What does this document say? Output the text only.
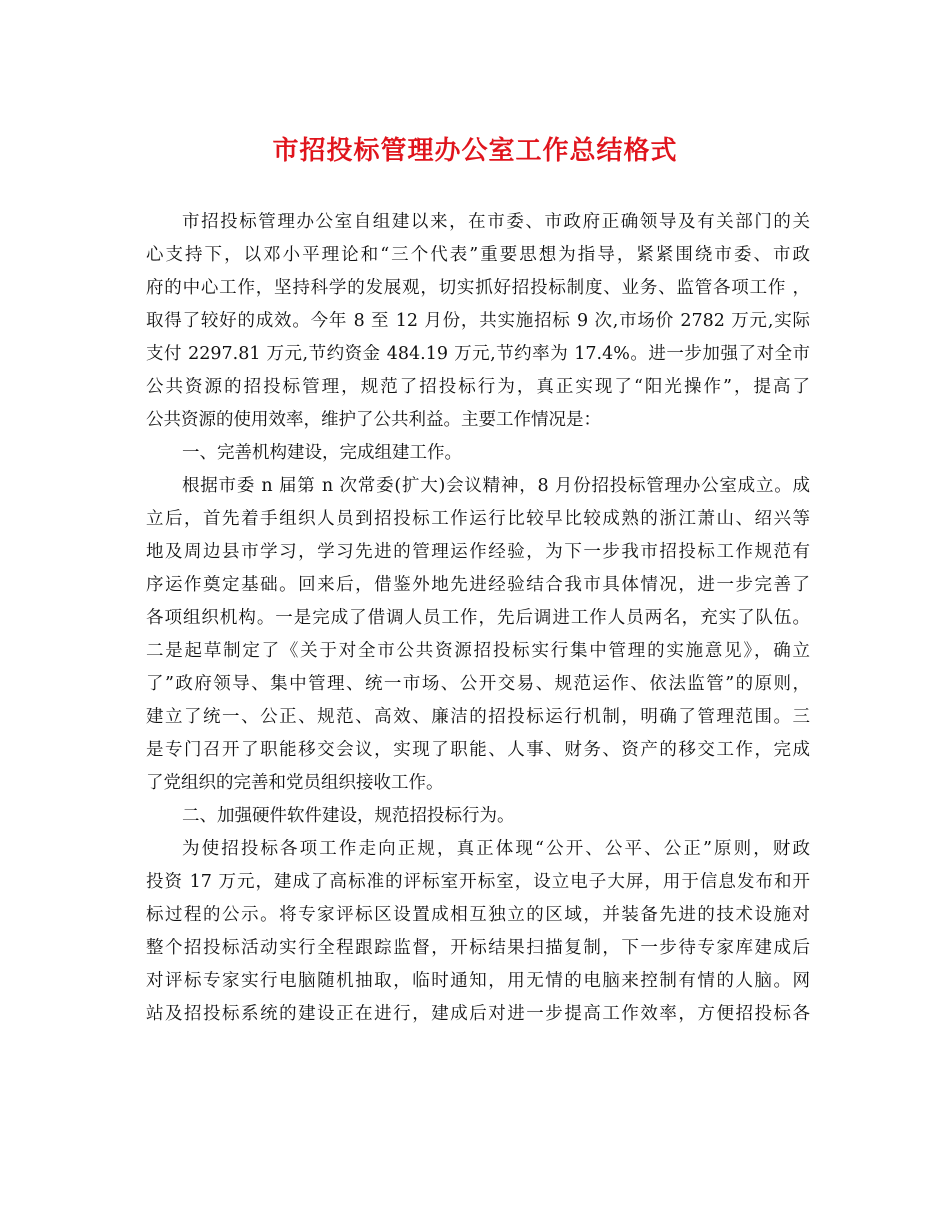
市招投标管理办公室工作总结格式
市招投标管理办公室自组建以来，在市委、市政府正确领导及有关部门的关
心支持下，以邓小平理论和“三个代表”重要思想为指导，紧紧围绕市委、市政
府的中心工作，坚持科学的发展观，切实抓好招投标制度、业务、监管各项工作 ，
取得了较好的成效。今年 8 至 12 月份，共实施招标 9 次,市场价 2782 万元,实际
支付 2297.81 万元,节约资金 484.19 万元,节约率为 17.4%。进一步加强了对全市
公共资源的招投标管理，规范了招投标行为，真正实现了“阳光操作”，提高了
公共资源的使用效率，维护了公共利益。主要工作情况是：
一、完善机构建设，完成组建工作。
根据市委 n 届第 n 次常委(扩大)会议精神，8 月份招投标管理办公室成立。成
立后，首先着手组织人员到招投标工作运行比较早比较成熟的浙江萧山、绍兴等
地及周边县市学习，学习先进的管理运作经验，为下一步我市招投标工作规范有
序运作奠定基础。回来后，借鉴外地先进经验结合我市具体情况，进一步完善了
各项组织机构。一是完成了借调人员工作，先后调进工作人员两名，充实了队伍。
二是起草制定了《关于对全市公共资源招投标实行集中管理的实施意见》，确立
了”政府领导、集中管理、统一市场、公开交易、规范运作、依法监管”的原则，
建立了统一、公正、规范、高效、廉洁的招投标运行机制，明确了管理范围。三
是专门召开了职能移交会议，实现了职能、人事、财务、资产的移交工作，完成
了党组织的完善和党员组织接收工作。
二、加强硬件软件建设，规范招投标行为。
为使招投标各项工作走向正规，真正体现“公开、公平、公正”原则，财政
投资 17 万元，建成了高标准的评标室开标室，设立电子大屏，用于信息发布和开
标过程的公示。将专家评标区设置成相互独立的区域，并装备先进的技术设施对
整个招投标活动实行全程跟踪监督，开标结果扫描复制，下一步待专家库建成后
对评标专家实行电脑随机抽取，临时通知，用无情的电脑来控制有情的人脑。网
站及招投标系统的建设正在进行，建成后对进一步提高工作效率，方便招投标各
